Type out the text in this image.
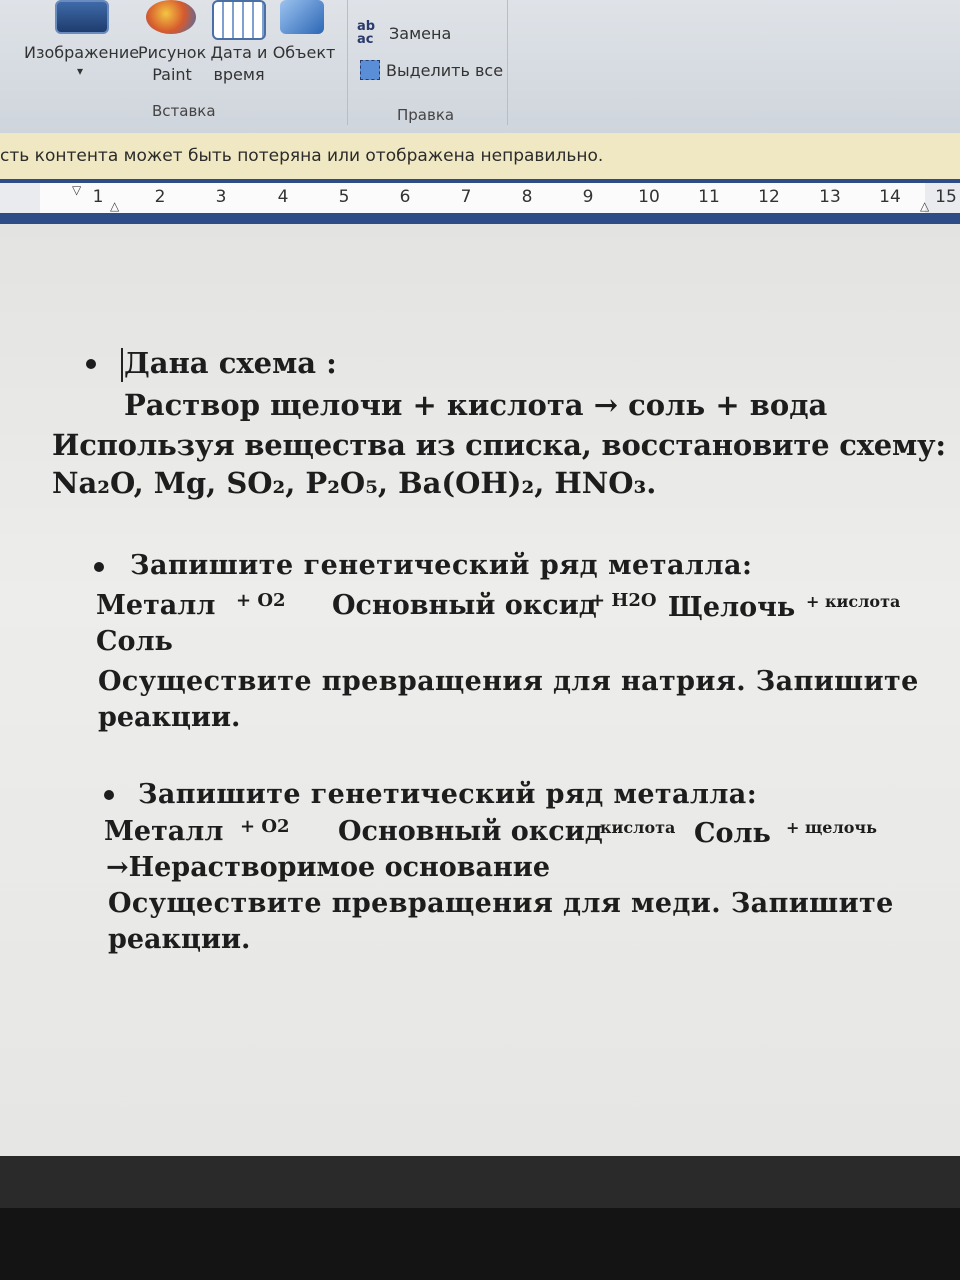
Изображение
▾
Рисунок
Paint
Дата и
время
Объект
Вставка
ab
ac Замена
Выделить все
Правка
сть контента может быть потеряна или отображена неправильно.
▽
△	△
1	2	3	4	5	6	7	8	9	10 11 12 13 14 15
Дана схема :
Раствор щелочи + кислота → соль + вода
Используя вещества из списка, восстановите схему:
Na₂O, Mg, SO₂, P₂O₅, Ba(OH)₂, HNO₃.
Запишите генетический ряд металла:
Металл + O2 Основный оксид
+ H2O Щелочь + кислота
Соль
Осуществите превращения для натрия. Запишите
реакции.
Запишите генетический ряд металла:
Металл + O2 Основный оксид
кислота Соль + щелочь
→Нерастворимое основание
Осуществите превращения для меди. Запишите
реакции.
